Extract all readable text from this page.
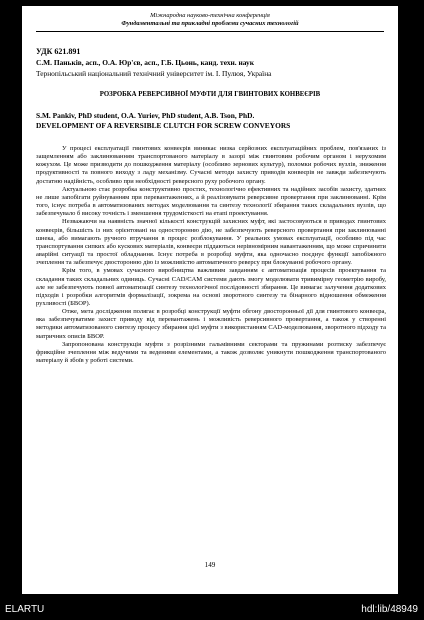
Міжнародна науково-технічна конференція
Фундаментальні та прикладні проблеми сучасних технологій
УДК 621.891
С.М. Паньків, асп., О.А. Юр'єв, асп., Г.Б. Цьонь, канд. техн. наук
Тернопільський національний технічний університет ім. І. Пулюя, Україна
РОЗРОБКА РЕВЕРСИВНОЇ МУФТИ ДЛЯ ГВИНТОВИХ КОНВЕЄРІВ
S.M. Pankiv, PhD student, O.A. Yuriev, PhD student, A.B. Tson, PhD.
DEVELOPMENT OF A REVERSIBLE CLUTCH FOR SCREW CONVEYORS

У процесі експлуатації гвинтових конвеєрів виникає низка серйозних експлуатаційних проблем, пов'язаних із защемленням або заклинюванням транспортованого матеріалу в зазорі між гвинтовим робочим органом і нерухомим кожухом. Це може призводити до пошкодження матеріалу (особливо зернових культур), поломки робочих вузлів, зниження продуктивності та повного виходу з ладу механізму. Сучасні методи захисту приводів конвеєрів не завжди забезпечують достатню надійність, особливо при необхідності реверсного руху робочого органу.

Актуальною стає розробка конструктивно простих, технологічно ефективних та надійних засобів захисту, здатних не лише запобігати руйнуванням при перевантаженнях, а й реалізовувати реверсивне провертання при заклинюванні. Крім того, існує потреба в автоматизованих методах моделювання та синтезу технології збирання таких складальних вузлів, що забезпечувало б високу точність і зменшення трудомісткості на етапі проектування.

Незважаючи на наявність значної кількості конструкцій захисних муфт, які застосовуються в приводах гвинтових конвеєрів, більшість із них орієнтовані на односторонню дію, не забезпечують реверсного провертання при заклинюванні шнека, або вимагають ручного втручання в процес розблокування. У реальних умовах експлуатації, особливо під час транспортування сипких або кускових матеріалів, конвеєри піддаються нерівномірним навантаженням, що може спричинити аварійні ситуації та простої обладнання. Існує потреба в розробці муфти, яка одночасно поєднує функції запобіжного зчеплення та забезпечує двосторонню дію із можливістю автоматичного реверсу при блокуванні робочого органу.

Крім того, в умовах сучасного виробництва важливим завданням є автоматизація процесів проектування та складання таких складальних одиниць. Сучасні CAD/CAM системи дають змогу моделювати тривимірну геометрію виробу, але не забезпечують повної автоматизації синтезу технологічної послідовності збирання. Це вимагає залучення додаткових підходів і розробки алгоритмів формалізації, зокрема на основі зворотного синтезу та бінарного відношення обмеження рухливості (БВОР).

Отже, мета дослідження полягає в розробці конструкції муфти обгону двосторонньої дії для гвинтового конвеєра, яка забезпечуватиме захист приводу від перевантажень і можливість реверсивного провертання, а також у створенні методики автоматизованого синтезу процесу збирання цієї муфти з використанням CAD-моделювання, зворотного підходу та матричних описів БВОР.

Запропонована конструкція муфти з розрізними гальмівними секторами та пружинами розтиску забезпечує фрикційне зчеплення між ведучими та веденими елементами, а також дозволяє уникнути пошкодження транспортованого матеріалу й збоїв у роботі системи.

149
ELARTU	hdl:lib/48949
